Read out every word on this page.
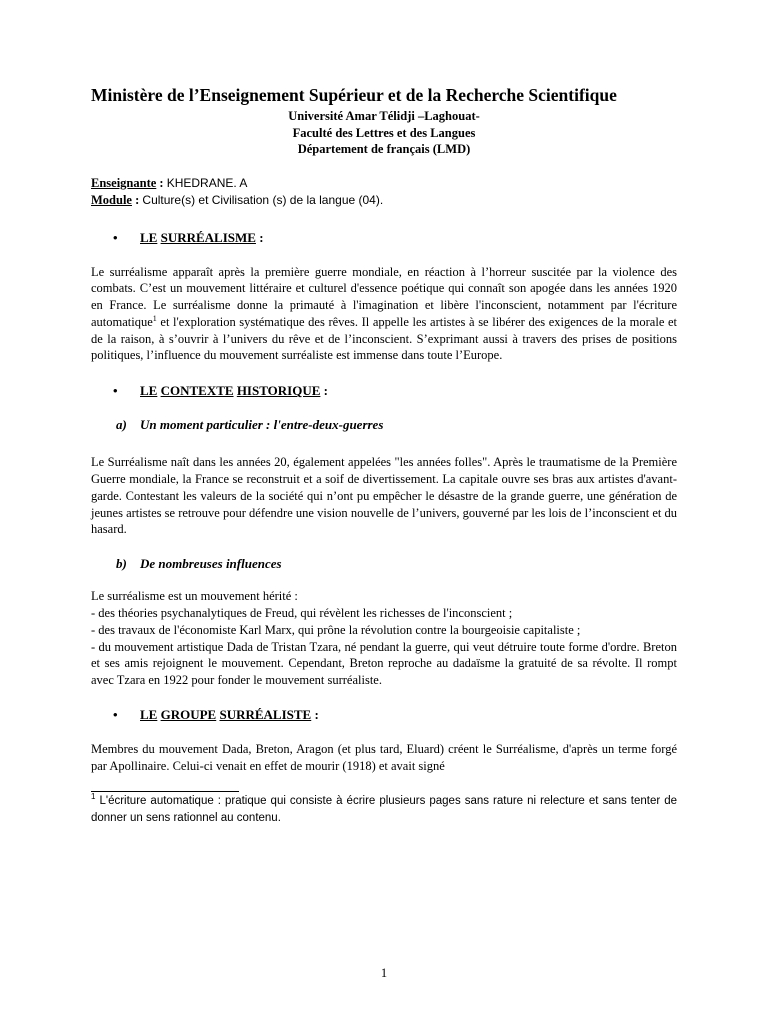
Ministère de l’Enseignement Supérieur et de la Recherche Scientifique
Université Amar Télidji –Laghouat-
Faculté des Lettres et des Langues
Département de français (LMD)
Enseignante : KHEDRANE. A
Module : Culture(s) et Civilisation (s) de la langue (04).
•	LE SURRÉALISME :

Le surréalisme apparaît après la première guerre mondiale, en réaction à l’horreur suscitée par la violence des combats. C’est un mouvement littéraire et culturel d'essence poétique qui connaît son apogée dans les années 1920 en France. Le surréalisme donne la primauté à l'imagination et libère l'inconscient, notamment par l'écriture automatique$^1$ et l'exploration systématique des rêves. Il appelle les artistes à se libérer des exigences de la morale et de la raison, à s’ouvrir à l’univers du rêve et de l’inconscient. S’exprimant aussi à travers des prises de positions politiques, l’influence du mouvement surréaliste est immense dans toute l’Europe.

•	LE CONTEXTE HISTORIQUE :
a) Un moment particulier : l'entre-deux-guerres

Le Surréalisme naît dans les années 20, également appelées "les années folles". Après le traumatisme de la Première Guerre mondiale, la France se reconstruit et a soif de divertissement. La capitale ouvre ses bras aux artistes d'avant-garde. Contestant les valeurs de la société qui n’ont pu empêcher le désastre de la grande guerre, une génération de jeunes artistes se retrouve pour défendre une vision nouvelle de l’univers, gouverné par les lois de l’inconscient et du hasard.

b) De nombreuses influences

Le surréalisme est un mouvement hérité :

- des théories psychanalytiques de Freud, qui révèlent les richesses de l'inconscient ;

- des travaux de l'économiste Karl Marx, qui prône la révolution contre la bourgeoisie capitaliste ;

- du mouvement artistique Dada de Tristan Tzara, né pendant la guerre, qui veut détruire toute forme d'ordre. Breton et ses amis rejoignent le mouvement. Cependant, Breton reproche au dadaïsme la gratuité de sa révolte. Il rompt avec Tzara en 1922 pour fonder le mouvement surréaliste.

•	LE GROUPE SURRÉALISTE :

Membres du mouvement Dada, Breton, Aragon (et plus tard, Eluard) créent le Surréalisme, d'après un terme forgé par Apollinaire. Celui-ci venait en effet de mourir (1918) et avait signé

$^1$ L'écriture automatique : pratique qui consiste à écrire plusieurs pages sans rature ni relecture et sans tenter de donner un sens rationnel au contenu.
1
